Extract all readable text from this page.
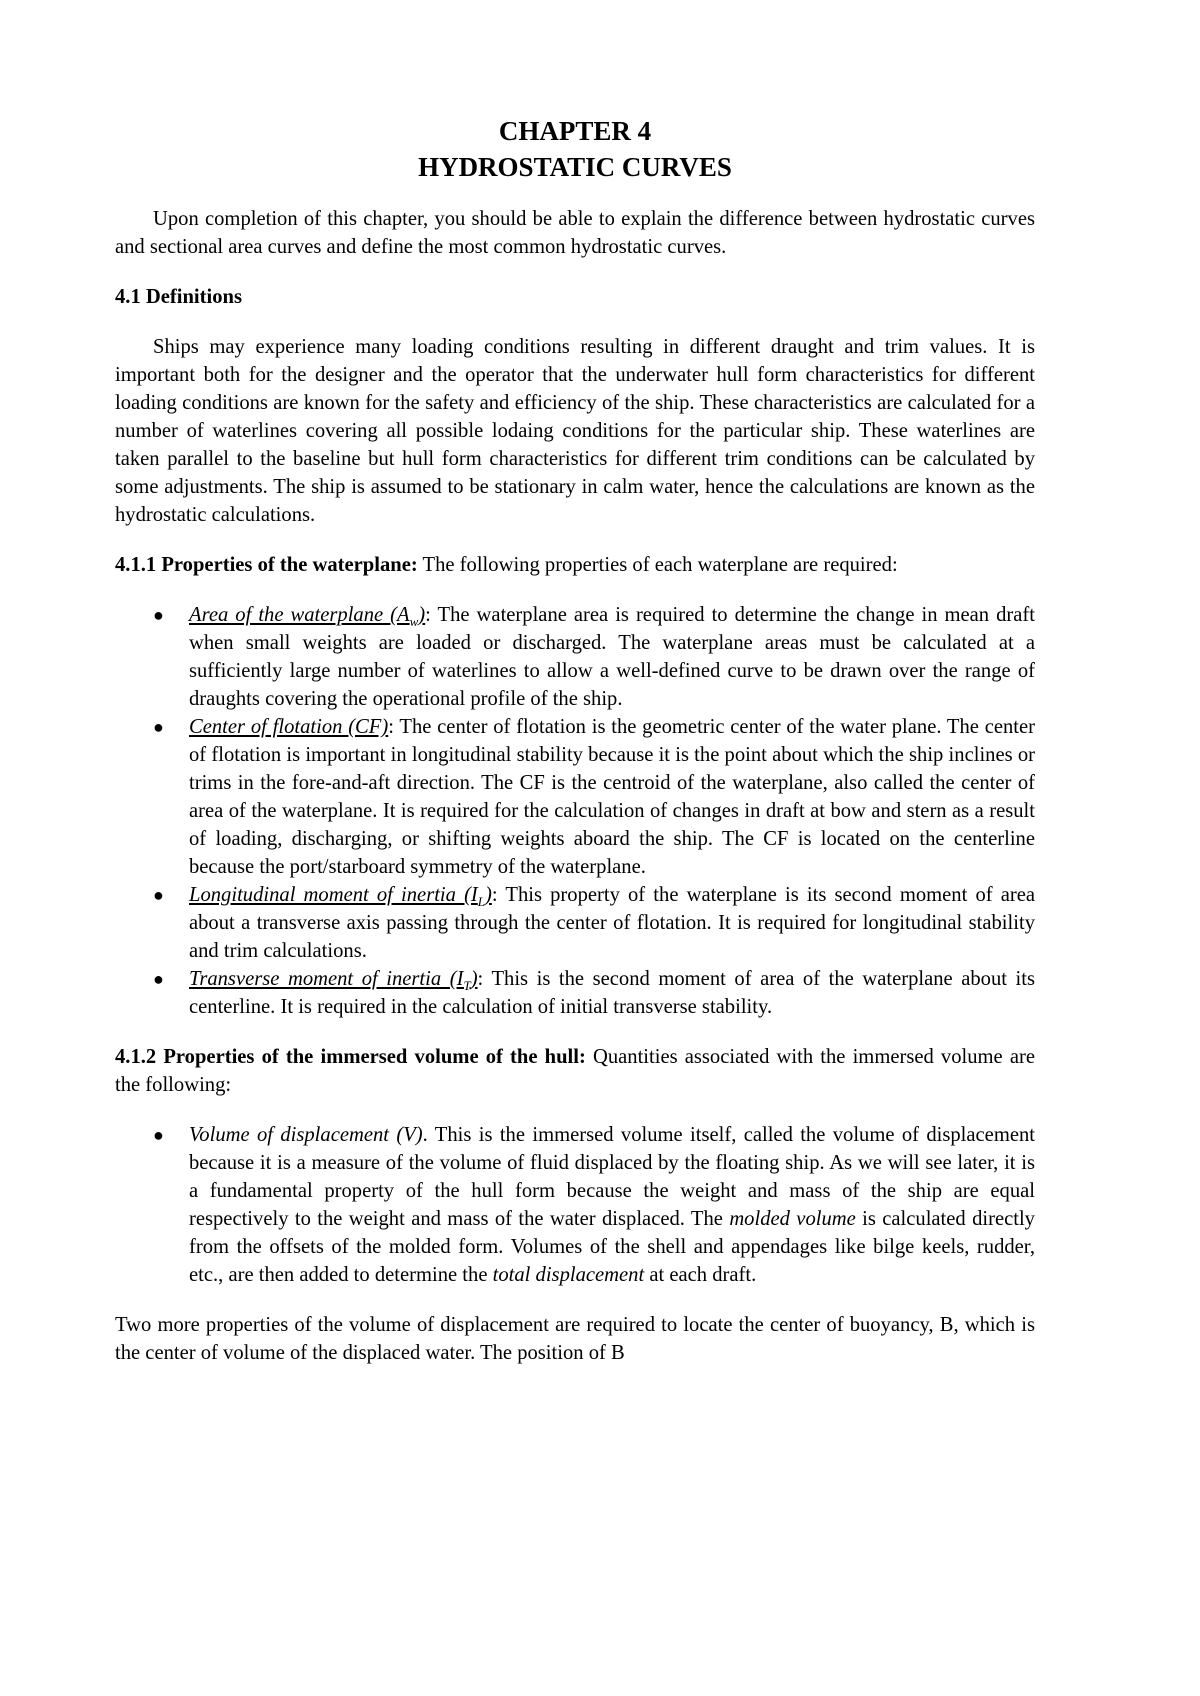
CHAPTER 4
HYDROSTATIC CURVES

Upon completion of this chapter, you should be able to explain the difference between hydrostatic curves and sectional area curves and define the most common hydrostatic curves.

4.1 Definitions

Ships may experience many loading conditions resulting in different draught and trim values. It is important both for the designer and the operator that the underwater hull form characteristics for different loading conditions are known for the safety and efficiency of the ship. These characteristics are calculated for a number of waterlines covering all possible lodaing conditions for the particular ship. These waterlines are taken parallel to the baseline but hull form characteristics for different trim conditions can be calculated by some adjustments. The ship is assumed to be stationary in calm water, hence the calculations are known as the hydrostatic calculations.

4.1.1 Properties of the waterplane: The following properties of each waterplane are required:

● Area of the waterplane $(A_w)$: The waterplane area is required to determine the change in mean draft when small weights are loaded or discharged. The waterplane areas must be calculated at a sufficiently large number of waterlines to allow a well-defined curve to be drawn over the range of draughts covering the operational profile of the ship.
● Center of flotation (CF): The center of flotation is the geometric center of the water plane. The center of flotation is important in longitudinal stability because it is the point about which the ship inclines or trims in the fore-and-aft direction. The CF is the centroid of the waterplane, also called the center of area of the waterplane. It is required for the calculation of changes in draft at bow and stern as a result of loading, discharging, or shifting weights aboard the ship. The CF is located on the centerline because the port/starboard symmetry of the waterplane.
● Longitudinal moment of inertia $(I_L)$: This property of the waterplane is its second moment of area about a transverse axis passing through the center of flotation. It is required for longitudinal stability and trim calculations.
● Transverse moment of inertia $(I_T)$: This is the second moment of area of the waterplane about its centerline. It is required in the calculation of initial transverse stability.

4.1.2 Properties of the immersed volume of the hull: Quantities associated with the immersed volume are the following:

● Volume of displacement (V). This is the immersed volume itself, called the volume of displacement because it is a measure of the volume of fluid displaced by the floating ship. As we will see later, it is a fundamental property of the hull form because the weight and mass of the ship are equal respectively to the weight and mass of the water displaced. The molded volume is calculated directly from the offsets of the molded form. Volumes of the shell and appendages like bilge keels, rudder, etc., are then added to determine the total displacement at each draft.

Two more properties of the volume of displacement are required to locate the center of buoyancy, B, which is the center of volume of the displaced water. The position of B
